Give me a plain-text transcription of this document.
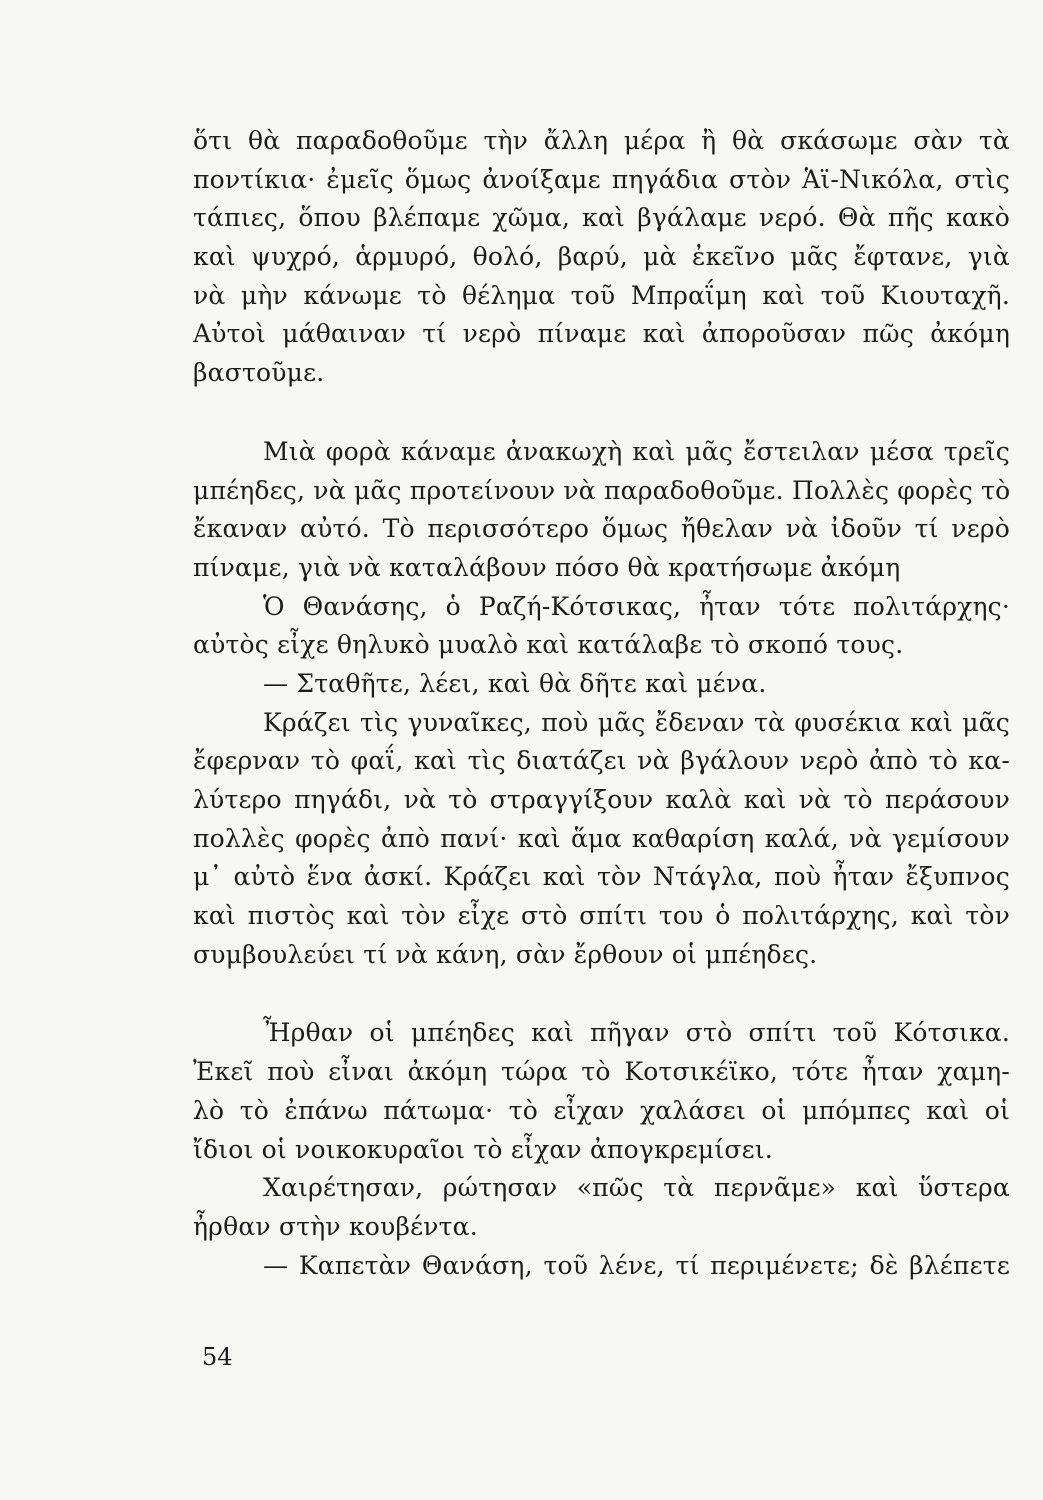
ὅτι θὰ παραδοθοῦμε τὴν ἄλλη μέρα ἢ θὰ σκάσωμε σὰν τὰ
ποντίκια· ἐμεῖς ὅμως ἀνοίξαμε πηγάδια στὸν Ἁϊ-Νικόλα, στὶς
τάπιες, ὅπου βλέπαμε χῶμα, καὶ βγάλαμε νερό. Θὰ πῆς κακὸ
καὶ ψυχρό, ἁρμυρό, θολό, βαρύ, μὰ ἐκεῖνο μᾶς ἔφτανε, γιὰ
νὰ μὴν κάνωμε τὸ θέλημα τοῦ Μπραΐμη καὶ τοῦ Κιουταχῆ.
Αὐτοὶ μάθαιναν τί νερὸ πίναμε καὶ ἀποροῦσαν πῶς ἀκόμη
βαστοῦμε.
Μιὰ φορὰ κάναμε ἀνακωχὴ καὶ μᾶς ἔστειλαν μέσα τρεῖς
μπέηδες, νὰ μᾶς προτείνουν νὰ παραδοθοῦμε. Πολλὲς φορὲς τὸ
ἔκαναν αὐτό. Τὸ περισσότερο ὅμως ἤθελαν νὰ ἰδοῦν τί νερὸ
πίναμε, γιὰ νὰ καταλάβουν πόσο θὰ κρατήσωμε ἀκόμη
Ὁ Θανάσης, ὁ Ραζή-Κότσικας, ἦταν τότε πολιτάρχης·
αὐτὸς εἶχε θηλυκὸ μυαλὸ καὶ κατάλαβε τὸ σκοπό τους.
— Σταθῆτε, λέει, καὶ θὰ δῆτε καὶ μένα.
Κράζει τὶς γυναῖκες, ποὺ μᾶς ἔδεναν τὰ φυσέκια καὶ μᾶς
ἔφερναν τὸ φαΐ, καὶ τὶς διατάζει νὰ βγάλουν νερὸ ἀπὸ τὸ κα-
λύτερο πηγάδι, νὰ τὸ στραγγίξουν καλὰ καὶ νὰ τὸ περάσουν
πολλὲς φορὲς ἀπὸ πανί· καὶ ἅμα καθαρίση καλά, νὰ γεμίσουν
μ᾿ αὐτὸ ἕνα ἀσκί. Κράζει καὶ τὸν Ντάγλα, ποὺ ἦταν ἔξυπνος
καὶ πιστὸς καὶ τὸν εἶχε στὸ σπίτι του ὁ πολιτάρχης, καὶ τὸν
συμβουλεύει τί νὰ κάνη, σὰν ἔρθουν οἱ μπέηδες.
Ἦρθαν οἱ μπέηδες καὶ πῆγαν στὸ σπίτι τοῦ Κότσικα.
Ἐκεῖ ποὺ εἶναι ἀκόμη τώρα τὸ Κοτσικέϊκο, τότε ἦταν χαμη-
λὸ τὸ ἐπάνω πάτωμα· τὸ εἶχαν χαλάσει οἱ μπόμπες καὶ οἱ
ἴδιοι οἱ νοικοκυραῖοι τὸ εἶχαν ἀπογκρεμίσει.
Χαιρέτησαν, ρώτησαν «πῶς τὰ περνᾶμε» καὶ ὕστερα
ἦρθαν στὴν κουβέντα.
— Καπετὰν Θανάση, τοῦ λένε, τί περιμένετε; δὲ βλέπετε
54
